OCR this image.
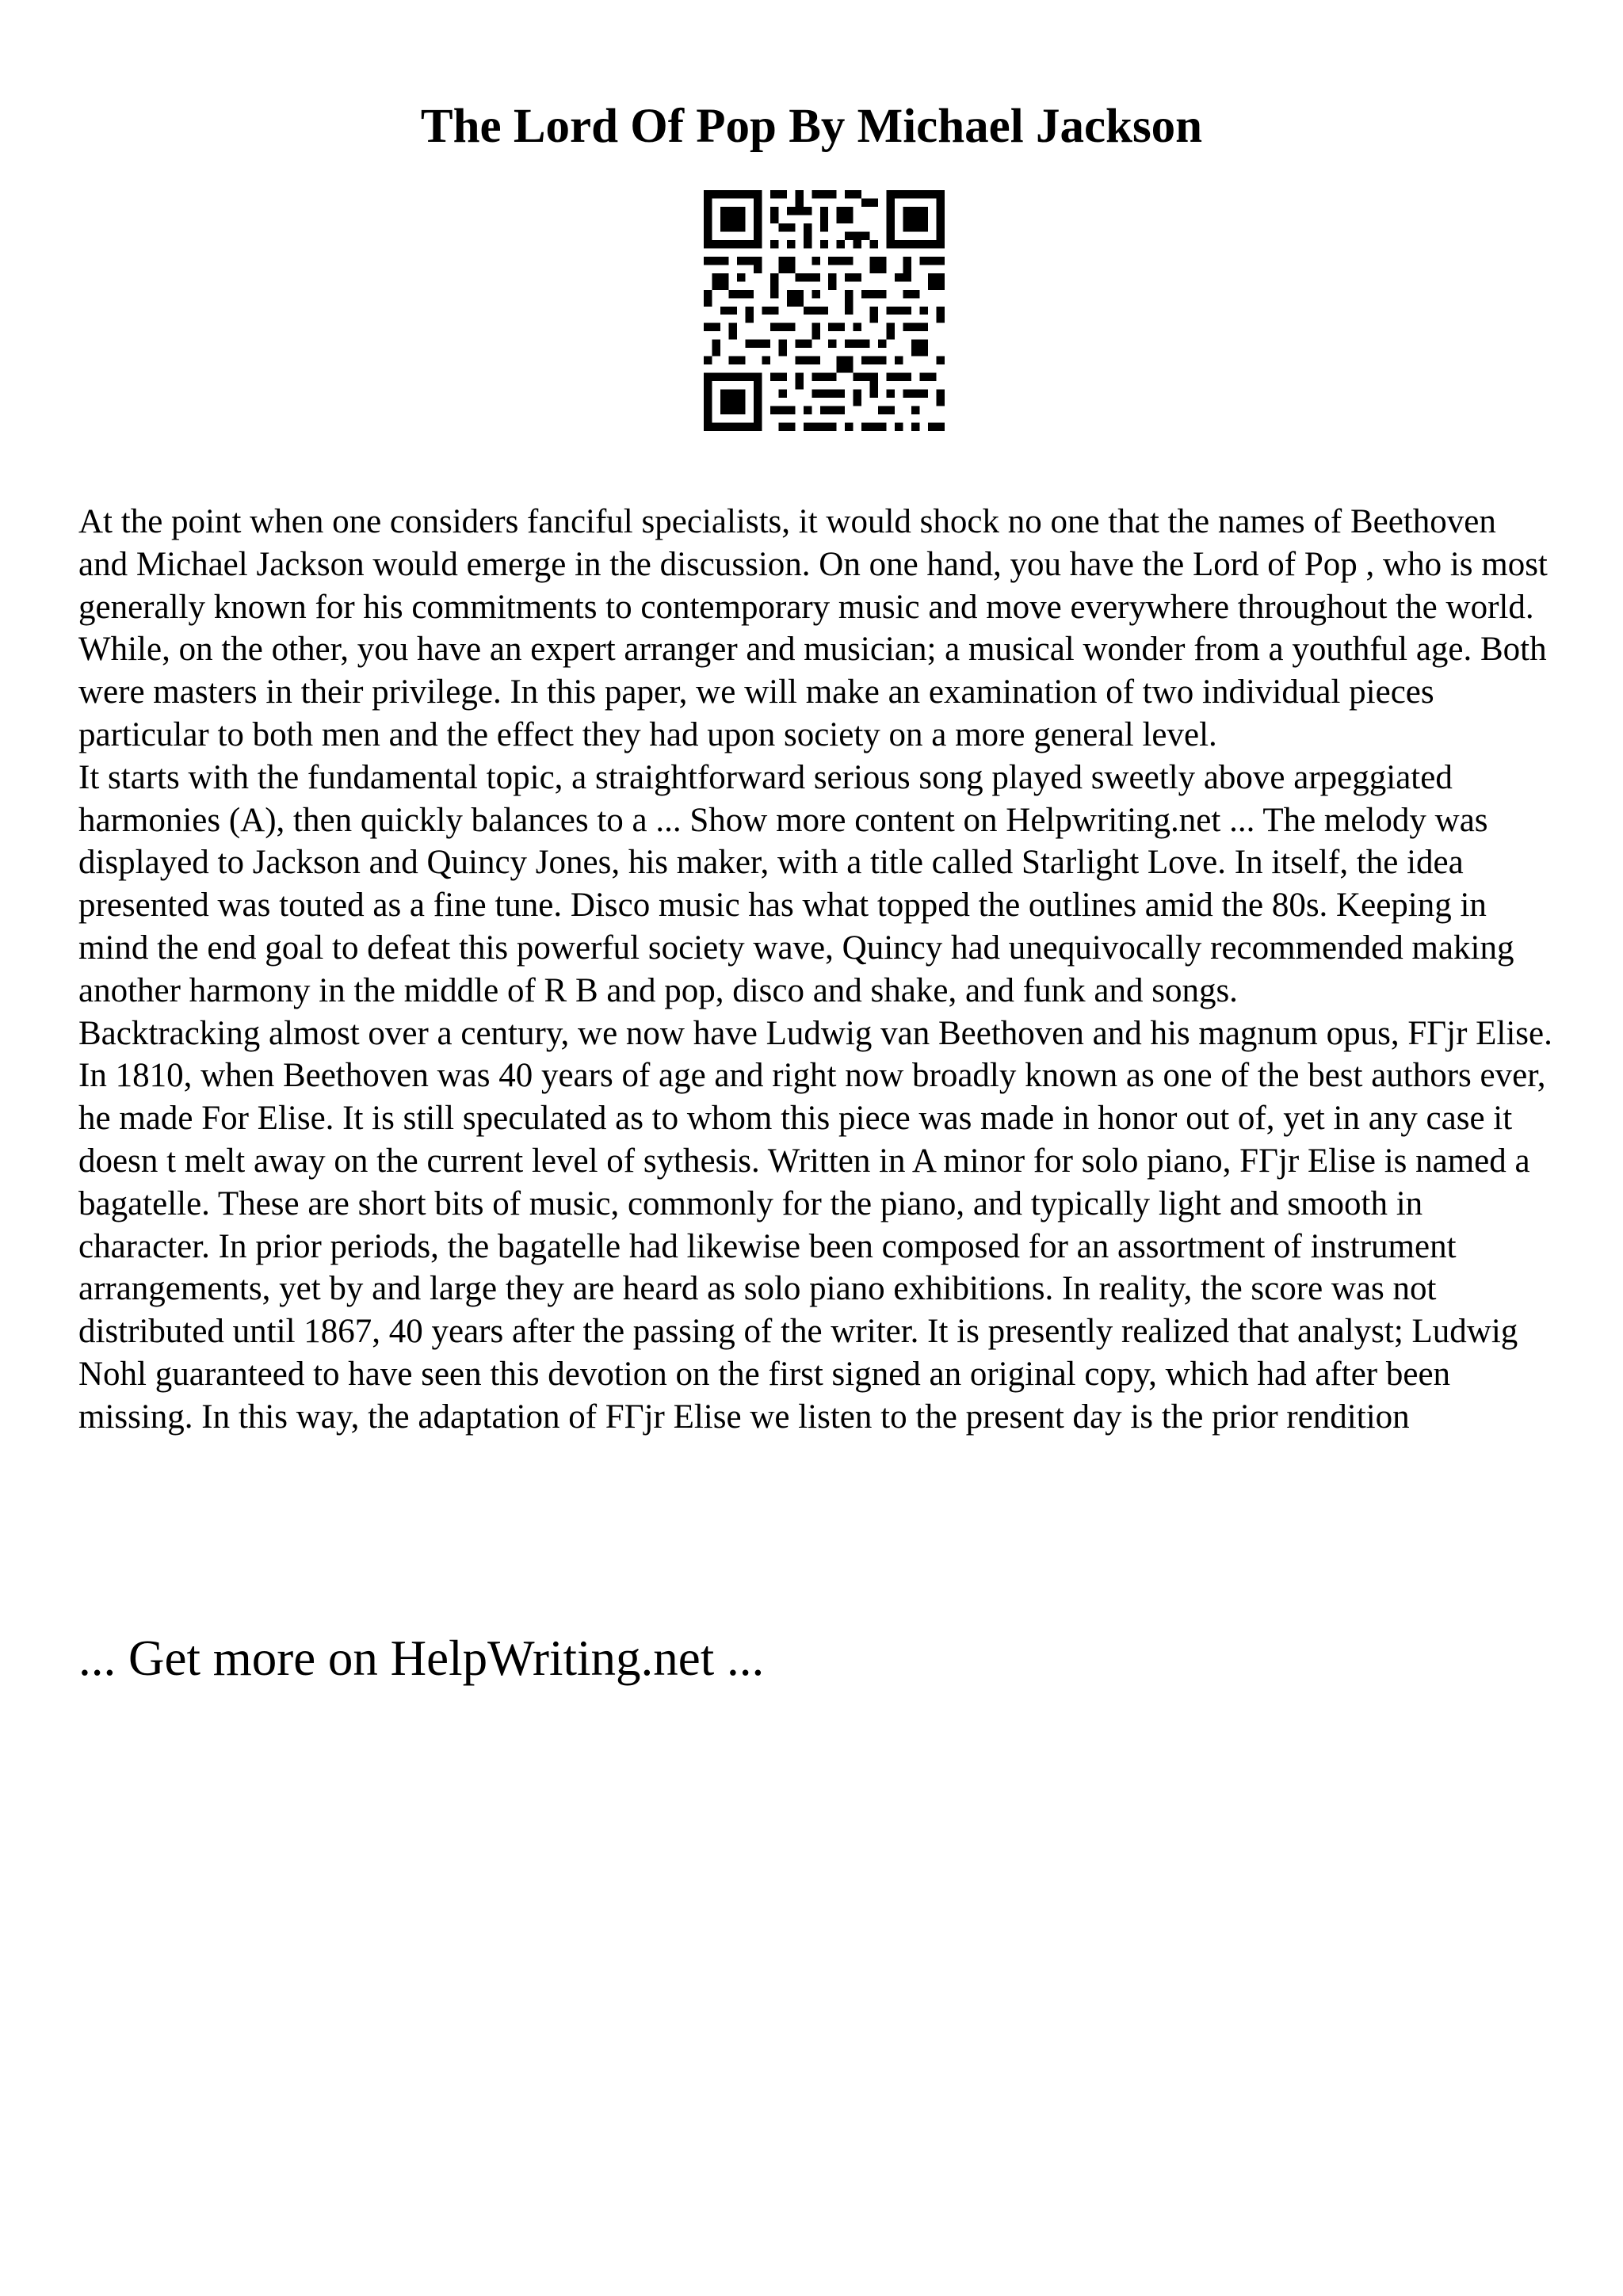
The Lord Of Pop By Michael Jackson

At the point when one considers fanciful specialists, it would shock no one that the names of Beethoven and Michael Jackson would emerge in the discussion. On one hand, you have the Lord of Pop , who is most generally known for his commitments to contemporary music and move everywhere throughout the world. While, on the other, you have an expert arranger and musician; a musical wonder from a youthful age. Both were masters in their privilege. In this paper, we will make an examination of two individual pieces particular to both men and the effect they had upon society on a more general level.

It starts with the fundamental topic, a straightforward serious song played sweetly above arpeggiated harmonies (A), then quickly balances to a ... Show more content on Helpwriting.net ... The melody was displayed to Jackson and Quincy Jones, his maker, with a title called Starlight Love. In itself, the idea presented was touted as a fine tune. Disco music has what topped the outlines amid the 80s. Keeping in mind the end goal to defeat this powerful society wave, Quincy had unequivocally recommended making another harmony in the middle of R B and pop, disco and shake, and funk and songs.

Backtracking almost over a century, we now have Ludwig van Beethoven and his magnum opus, FΓjr Elise. In 1810, when Beethoven was 40 years of age and right now broadly known as one of the best authors ever, he made For Elise. It is still speculated as to whom this piece was made in honor out of, yet in any case it doesn t melt away on the current level of sythesis. Written in A minor for solo piano, FΓjr Elise is named a bagatelle. These are short bits of music, commonly for the piano, and typically light and smooth in character. In prior periods, the bagatelle had likewise been composed for an assortment of instrument arrangements, yet by and large they are heard as solo piano exhibitions. In reality, the score was not distributed until 1867, 40 years after the passing of the writer. It is presently realized that analyst; Ludwig Nohl guaranteed to have seen this devotion on the first signed an original copy, which had after been missing. In this way, the adaptation of FΓjr Elise we listen to the present day is the prior rendition

... Get more on HelpWriting.net ...
